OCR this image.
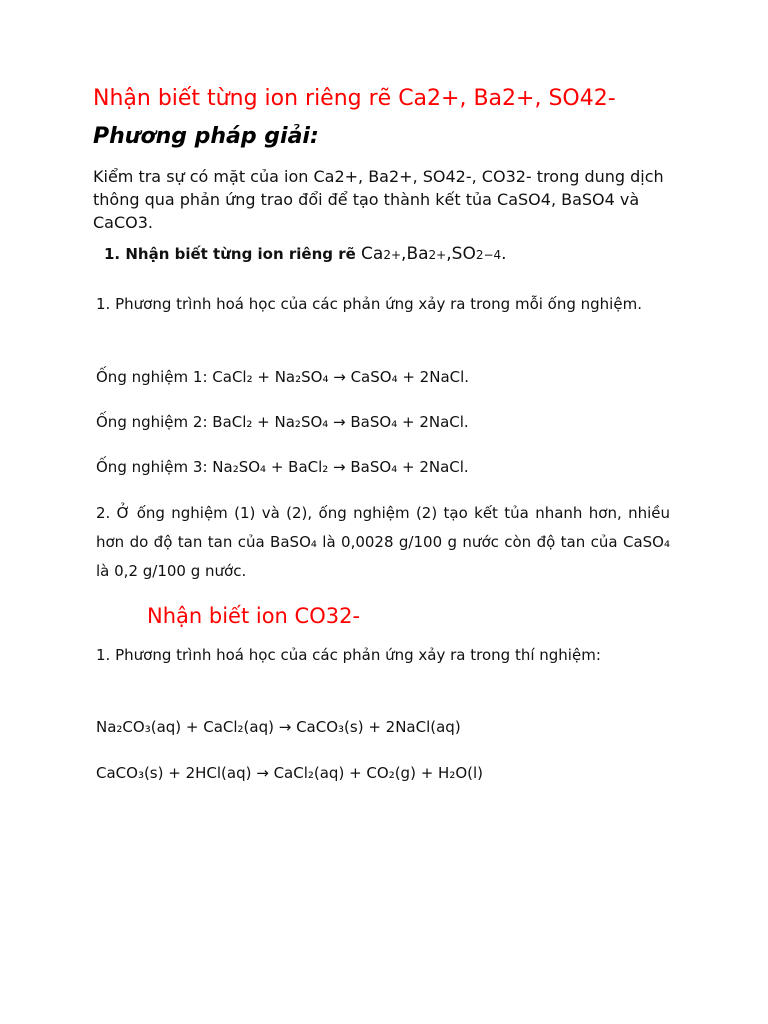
Nhận biết từng ion riêng rẽ Ca2+, Ba2+, SO42-
Phương pháp giải:

Kiểm tra sự có mặt của ion Ca2+, Ba2+, SO42-, CO32- trong dung dịch thông qua phản ứng trao đổi để tạo thành kết tủa CaSO4, BaSO4 và CaCO3.

1. Nhận biết từng ion riêng rẽ Ca2+,Ba2+,SO2−4.

1. Phương trình hoá học của các phản ứng xảy ra trong mỗi ống nghiệm.

Ống nghiệm 1: CaCl₂ + Na₂SO₄ → CaSO₄ + 2NaCl.

Ống nghiệm 2: BaCl₂ + Na₂SO₄ → BaSO₄ + 2NaCl.

Ống nghiệm 3: Na₂SO₄ + BaCl₂ → BaSO₄ + 2NaCl.

2. Ở ống nghiệm (1) và (2), ống nghiệm (2) tạo kết tủa nhanh hơn, nhiều hơn do độ tan tan của BaSO₄ là 0,0028 g/100 g nước còn độ tan của CaSO₄ là 0,2 g/100 g nước.

Nhận biết ion CO32-

1. Phương trình hoá học của các phản ứng xảy ra trong thí nghiệm:

Na₂CO₃(aq) + CaCl₂(aq) → CaCO₃(s) + 2NaCl(aq)

CaCO₃(s) + 2HCl(aq) → CaCl₂(aq) + CO₂(g) + H₂O(l)
